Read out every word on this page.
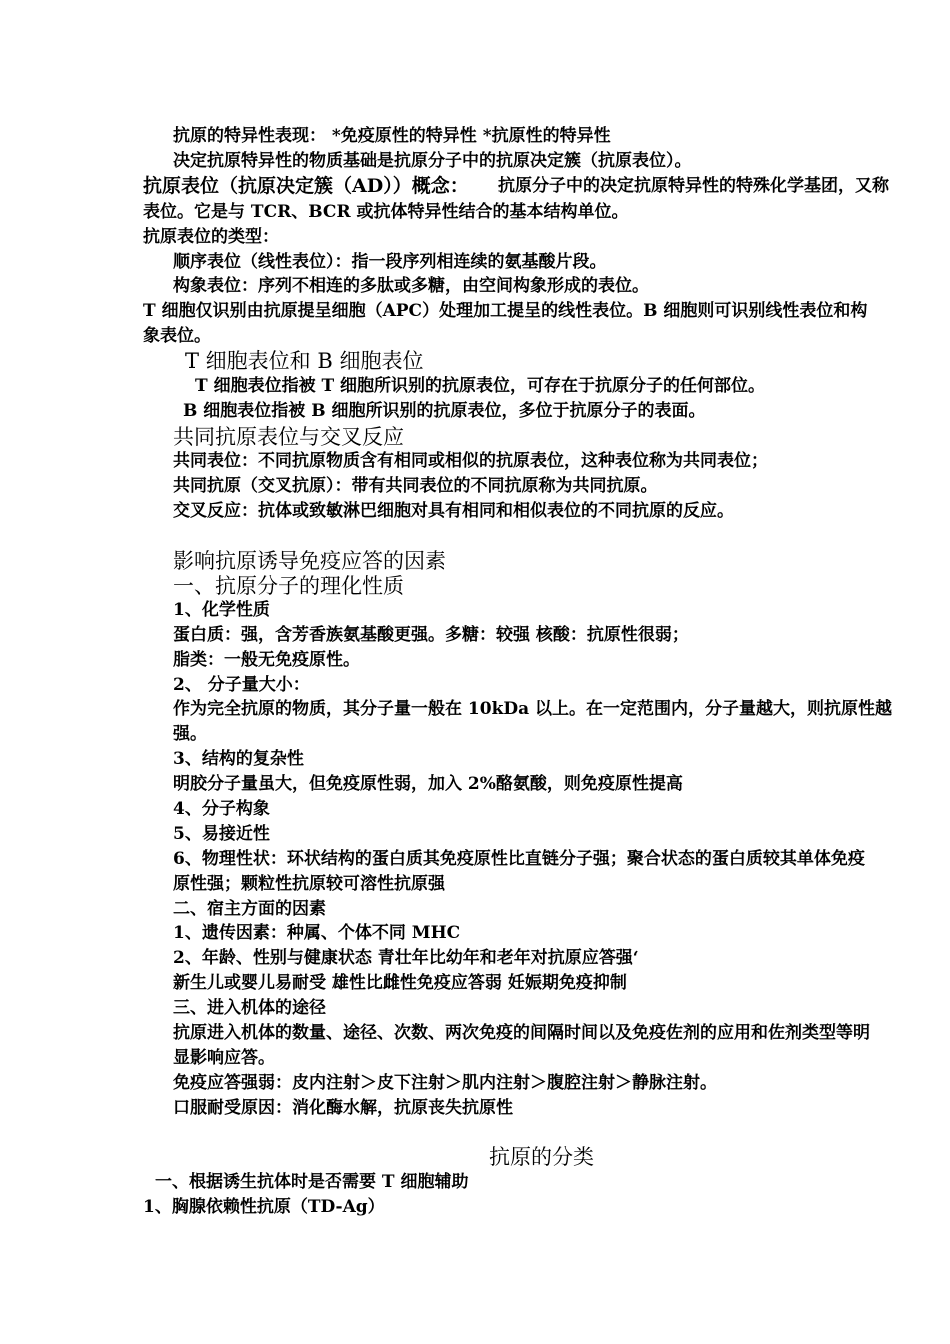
抗原的特异性表现： *免疫原性的特异性 *抗原性的特异性

决定抗原特异性的物质基础是抗原分子中的抗原决定簇（抗原表位）。

抗原表位（抗原决定簇（AD））概念： 抗原分子中的决定抗原特异性的特殊化学基团，又称

表位。它是与 TCR、BCR 或抗体特异性结合的基本结构单位。

抗原表位的类型：

顺序表位（线性表位）：指一段序列相连续的氨基酸片段。

构象表位：序列不相连的多肽或多糖，由空间构象形成的表位。

T 细胞仅识别由抗原提呈细胞（APC）处理加工提呈的线性表位。B 细胞则可识别线性表位和构

象表位。

T 细胞表位和 B 细胞表位

T 细胞表位指被 T 细胞所识别的抗原表位，可存在于抗原分子的任何部位。

B 细胞表位指被 B 细胞所识别的抗原表位，多位于抗原分子的表面。

共同抗原表位与交叉反应

共同表位：不同抗原物质含有相同或相似的抗原表位，这种表位称为共同表位；

共同抗原（交叉抗原）：带有共同表位的不同抗原称为共同抗原。

交叉反应：抗体或致敏淋巴细胞对具有相同和相似表位的不同抗原的反应。

影响抗原诱导免疫应答的因素

一、抗原分子的理化性质

1、化学性质

蛋白质：强，含芳香族氨基酸更强。多糖：较强 核酸：抗原性很弱；

脂类：一般无免疫原性。

2、 分子量大小：

作为完全抗原的物质，其分子量一般在 10kDa 以上。在一定范围内，分子量越大，则抗原性越

强。

3、结构的复杂性

明胶分子量虽大，但免疫原性弱，加入 2%酪氨酸，则免疫原性提高

4、分子构象

5、易接近性

6、物理性状：环状结构的蛋白质其免疫原性比直链分子强；聚合状态的蛋白质较其单体免疫

原性强；颗粒性抗原较可溶性抗原强

二、宿主方面的因素

1、遗传因素：种属、个体不同 MHC

2、年龄、性别与健康状态 青壮年比幼年和老年对抗原应答强‘

新生儿或婴儿易耐受 雄性比雌性免疫应答弱 妊娠期免疫抑制

三、进入机体的途径

抗原进入机体的数量、途径、次数、两次免疫的间隔时间以及免疫佐剂的应用和佐剂类型等明

显影响应答。

免疫应答强弱：皮内注射＞皮下注射＞肌内注射＞腹腔注射＞静脉注射。

口服耐受原因：消化酶水解，抗原丧失抗原性

抗原的分类

一、根据诱生抗体时是否需要 T 细胞辅助

1、胸腺依赖性抗原（TD-Ag）
